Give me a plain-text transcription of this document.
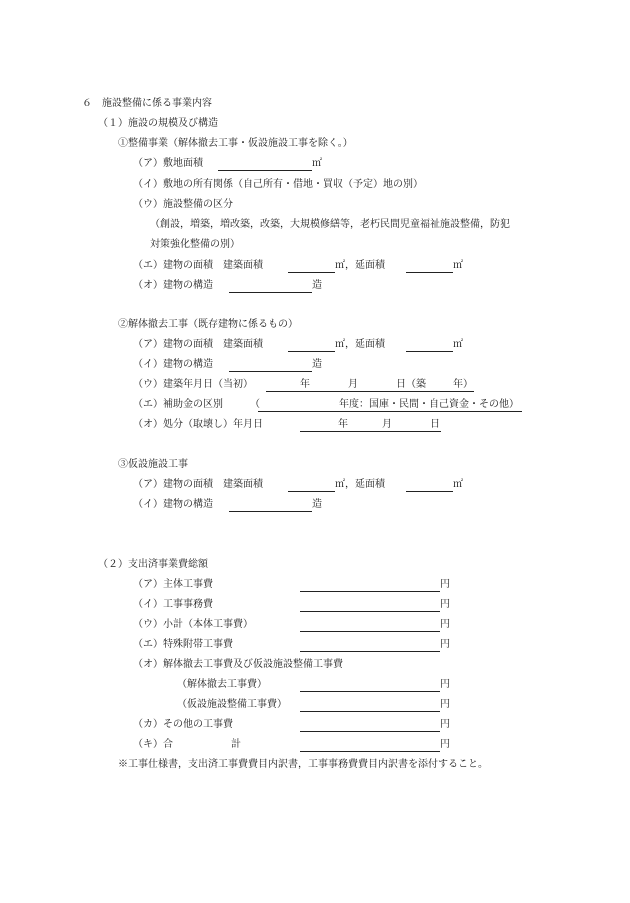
６　施設整備に係る事業内容
（１）施設の規模及び構造
①整備事業（解体撤去工事・仮設施設工事を除く。）
（ア）敷地面積	㎡
（イ）敷地の所有関係（自己所有・借地・買収（予定）地の別）
（ウ）施設整備の区分
（創設，増築，増改築，改築，大規模修繕等，老朽民間児童福祉施設整備，防犯
対策強化整備の別）
（エ）建物の面積　建築面積	㎡，延面積	㎡
（オ）建物の構造	造
②解体撤去工事（既存建物に係るもの）
（ア）建物の面積　建築面積	㎡，延面積	㎡
（イ）建物の構造	造
（ウ）建築年月日（当初）	年	月	日（築	年）
（エ）補助金の区別	（	年度：国庫・民間・自己資金・その他）
（オ）処分（取壊し）年月日	年	月	日
③仮設施設工事
（ア）建物の面積　建築面積	㎡，延面積	㎡
（イ）建物の構造	造
（２）支出済事業費総額
（ア）主体工事費	円
（イ）工事事務費	円
（ウ）小計（本体工事費）	円
（エ）特殊附帯工事費	円
（オ）解体撤去工事費及び仮設施設整備工事費
（解体撤去工事費）	円
（仮設施設整備工事費）	円
（カ）その他の工事費	円
（キ）合	計	円
※工事仕様書，支出済工事費費目内訳書，工事事務費費目内訳書を添付すること。
